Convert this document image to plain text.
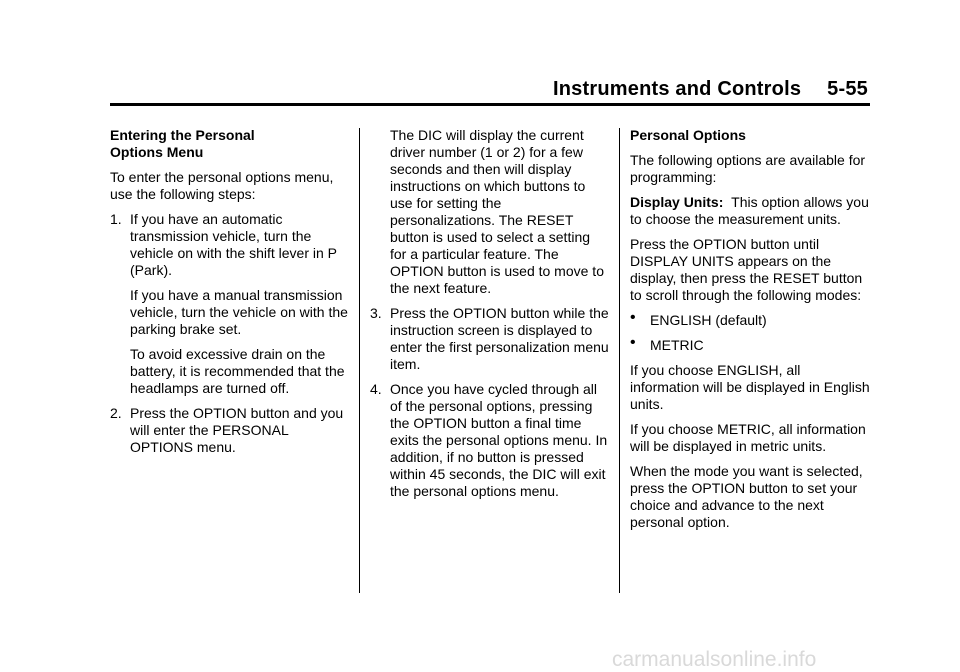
Instruments and Controls 5-55

Entering the Personal
Options Menu

To enter the personal options menu, use the following steps:

1. If you have an automatic transmission vehicle, turn the vehicle on with the shift lever in P (Park).

If you have a manual transmission vehicle, turn the vehicle on with the parking brake set.

To avoid excessive drain on the battery, it is recommended that the headlamps are turned off.

2. Press the OPTION button and you will enter the PERSONAL OPTIONS menu.

The DIC will display the current driver number (1 or 2) for a few seconds and then will display instructions on which buttons to use for setting the personalizations. The RESET button is used to select a setting for a particular feature. The OPTION button is used to move to the next feature.

3. Press the OPTION button while the instruction screen is displayed to enter the first personalization menu item.

4. Once you have cycled through all of the personal options, pressing the OPTION button a final time exits the personal options menu. In addition, if no button is pressed within 45 seconds, the DIC will exit the personal options menu.

Personal Options

The following options are available for programming:

Display Units: This option allows you to choose the measurement units.

Press the OPTION button until DISPLAY UNITS appears on the display, then press the RESET button to scroll through the following modes:

• ENGLISH (default)
• METRIC

If you choose ENGLISH, all information will be displayed in English units.

If you choose METRIC, all information will be displayed in metric units.

When the mode you want is selected, press the OPTION button to set your choice and advance to the next personal option.

carmanualsonline.info
